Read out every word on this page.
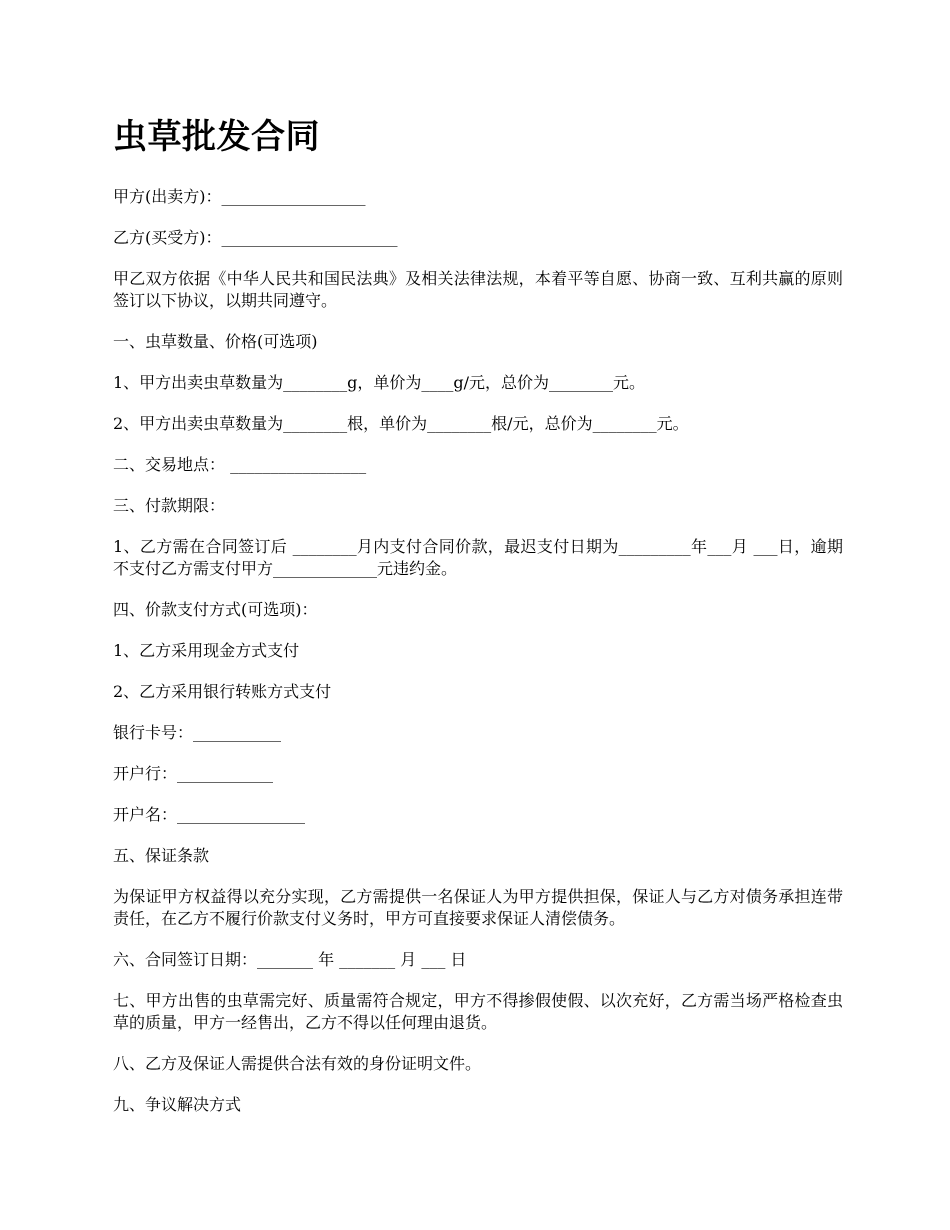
虫草批发合同

甲方(出卖方)：__________________

乙方(买受方)：______________________

甲乙双方依据《中华人民共和国民法典》及相关法律法规，本着平等自愿、协商一致、互利共赢的原则签订以下协议，以期共同遵守。

一、虫草数量、价格(可选项)

1、甲方出卖虫草数量为________g，单价为____g/元，总价为________元。

2、甲方出卖虫草数量为________根，单价为________根/元，总价为________元。

二、交易地点： _________________

三、付款期限：

1、乙方需在合同签订后 ________月内支付合同价款，最迟支付日期为_________年___月 ___日，逾期不支付乙方需支付甲方_____________元违约金。

四、价款支付方式(可选项)：

1、乙方采用现金方式支付

2、乙方采用银行转账方式支付

银行卡号：___________

开户行：____________

开户名：________________

五、保证条款

为保证甲方权益得以充分实现，乙方需提供一名保证人为甲方提供担保，保证人与乙方对债务承担连带责任，在乙方不履行价款支付义务时，甲方可直接要求保证人清偿债务。

六、合同签订日期：_______ 年 _______ 月 ___ 日

七、甲方出售的虫草需完好、质量需符合规定，甲方不得掺假使假、以次充好，乙方需当场严格检查虫草的质量，甲方一经售出，乙方不得以任何理由退货。

八、乙方及保证人需提供合法有效的身份证明文件。

九、争议解决方式
